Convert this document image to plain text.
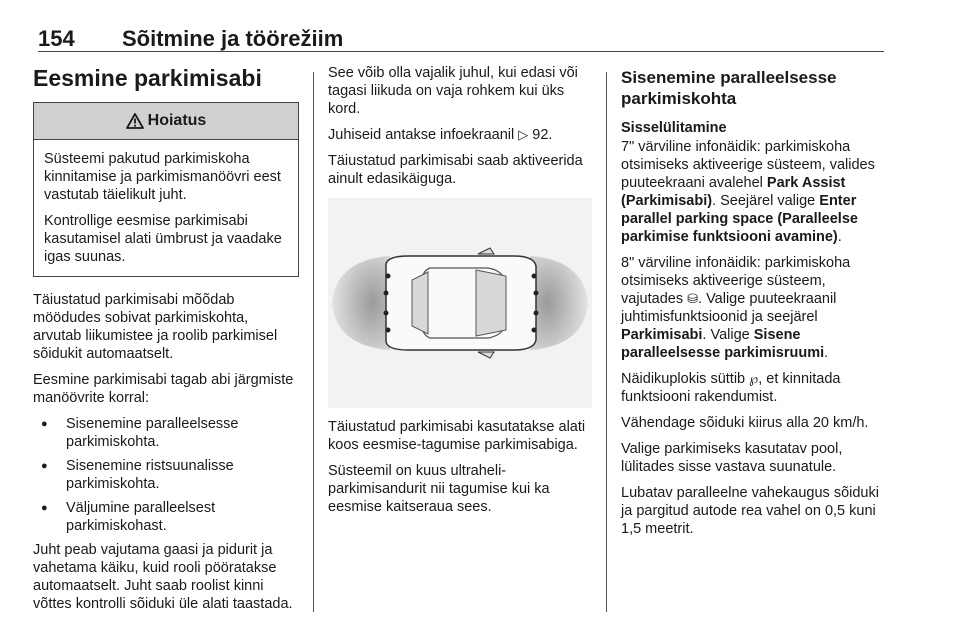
154 Sõitmine ja töörežiim
Eesmine parkimisabi
Hoiatus

Süsteemi pakutud parkimiskoha kinnitamise ja parkimismanöövri eest vastutab täielikult juht.

Kontrollige eesmise parkimisabi kasutamisel alati ümbrust ja vaadake igas suunas.

Täiustatud parkimisabi mõõdab möödudes sobivat parkimiskohta, arvutab liikumistee ja roolib parkimisel sõidukit automaatselt.

Eesmine parkimisabi tagab abi järgmiste manöövrite korral:

● Sisenemine paralleelsesse parkimiskohta.
● Sisenemine ristsuunalisse parkimiskohta.
● Väljumine paralleelsest parkimiskohast.

Juht peab vajutama gaasi ja pidurit ja vahetama käiku, kuid rooli pööratakse automaatselt. Juht saab roolist kinni võttes kontrolli sõiduki üle alati taastada.

See võib olla vajalik juhul, kui edasi või tagasi liikuda on vaja rohkem kui üks kord.

Juhiseid antakse infoekraanil ▷ 92.

Täiustatud parkimisabi saab aktiveerida ainult edasikäiguga.

Täiustatud parkimisabi kasutatakse alati koos eesmise-tagumise parkimisabiga.

Süsteemil on kuus ultraheli-parkimisandurit nii tagumise kui ka eesmise kaitseraua sees.

Sisenemine paralleelsesse parkimiskohta
Sisselülitamine

7" värviline infonäidik: parkimiskoha otsimiseks aktiveerige süsteem, valides puuteekraani avalehel Park Assist (Parkimisabi). Seejärel valige Enter parallel parking space (Paralleelse parkimise funktsiooni avamine).

8" värviline infonäidik: parkimiskoha otsimiseks aktiveerige süsteem, vajutades ⛁. Valige puuteekraanil juhtimisfunktsioonid ja seejärel Parkimisabi. Valige Sisene paralleelsesse parkimisruumi.

Näidikuplokis süttib ℘, et kinnitada funktsiooni rakendumist.

Vähendage sõiduki kiirus alla 20 km/h.

Valige parkimiseks kasutatav pool, lülitades sisse vastava suunatule.

Lubatav paralleelne vahekaugus sõiduki ja pargitud autode rea vahel on 0,5 kuni 1,5 meetrit.
